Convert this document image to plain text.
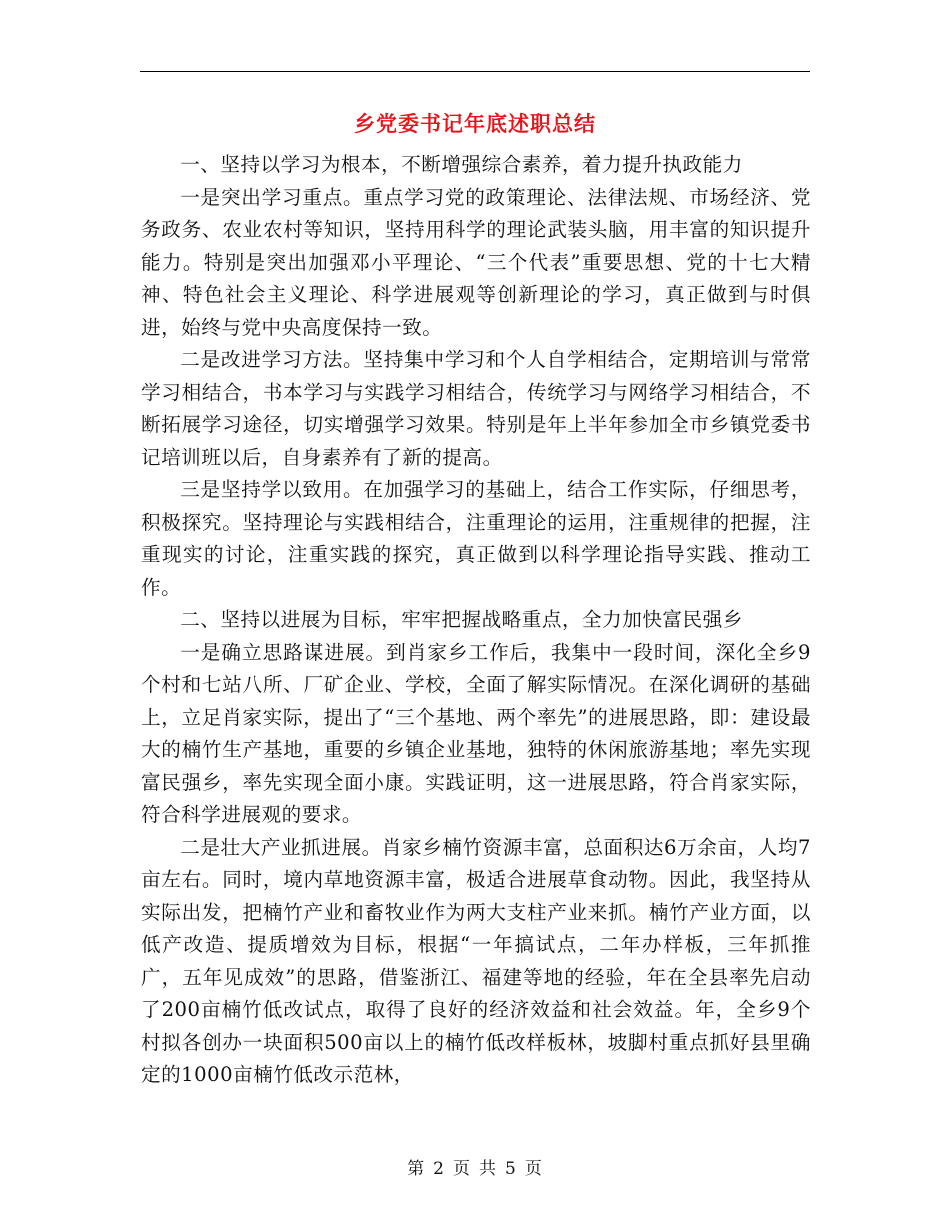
乡党委书记年底述职总结

一、坚持以学习为根本，不断增强综合素养，着力提升执政能力

一是突出学习重点。重点学习党的政策理论、法律法规、市场经济、党务政务、农业农村等知识，坚持用科学的理论武装头脑，用丰富的知识提升能力。特别是突出加强邓小平理论、“三个代表”重要思想、党的十七大精神、特色社会主义理论、科学进展观等创新理论的学习，真正做到与时俱进，始终与党中央高度保持一致。

二是改进学习方法。坚持集中学习和个人自学相结合，定期培训与常常学习相结合，书本学习与实践学习相结合，传统学习与网络学习相结合，不断拓展学习途径，切实增强学习效果。特别是年上半年参加全市乡镇党委书记培训班以后，自身素养有了新的提高。

三是坚持学以致用。在加强学习的基础上，结合工作实际，仔细思考，积极探究。坚持理论与实践相结合，注重理论的运用，注重规律的把握，注重现实的讨论，注重实践的探究，真正做到以科学理论指导实践、推动工作。

二、坚持以进展为目标，牢牢把握战略重点，全力加快富民强乡

一是确立思路谋进展。到肖家乡工作后，我集中一段时间，深化全乡9个村和七站八所、厂矿企业、学校，全面了解实际情况。在深化调研的基础上，立足肖家实际，提出了“三个基地、两个率先”的进展思路，即：建设最大的楠竹生产基地，重要的乡镇企业基地，独特的休闲旅游基地；率先实现富民强乡，率先实现全面小康。实践证明，这一进展思路，符合肖家实际，符合科学进展观的要求。

二是壮大产业抓进展。肖家乡楠竹资源丰富，总面积达6万余亩，人均7亩左右。同时，境内草地资源丰富，极适合进展草食动物。因此，我坚持从实际出发，把楠竹产业和畜牧业作为两大支柱产业来抓。楠竹产业方面，以低产改造、提质增效为目标，根据“一年搞试点，二年办样板，三年抓推广，五年见成效”的思路，借鉴浙江、福建等地的经验，年在全县率先启动了200亩楠竹低改试点，取得了良好的经济效益和社会效益。年，全乡9个村拟各创办一块面积500亩以上的楠竹低改样板林，坡脚村重点抓好县里确定的1000亩楠竹低改示范林，

第 2 页 共 5 页
